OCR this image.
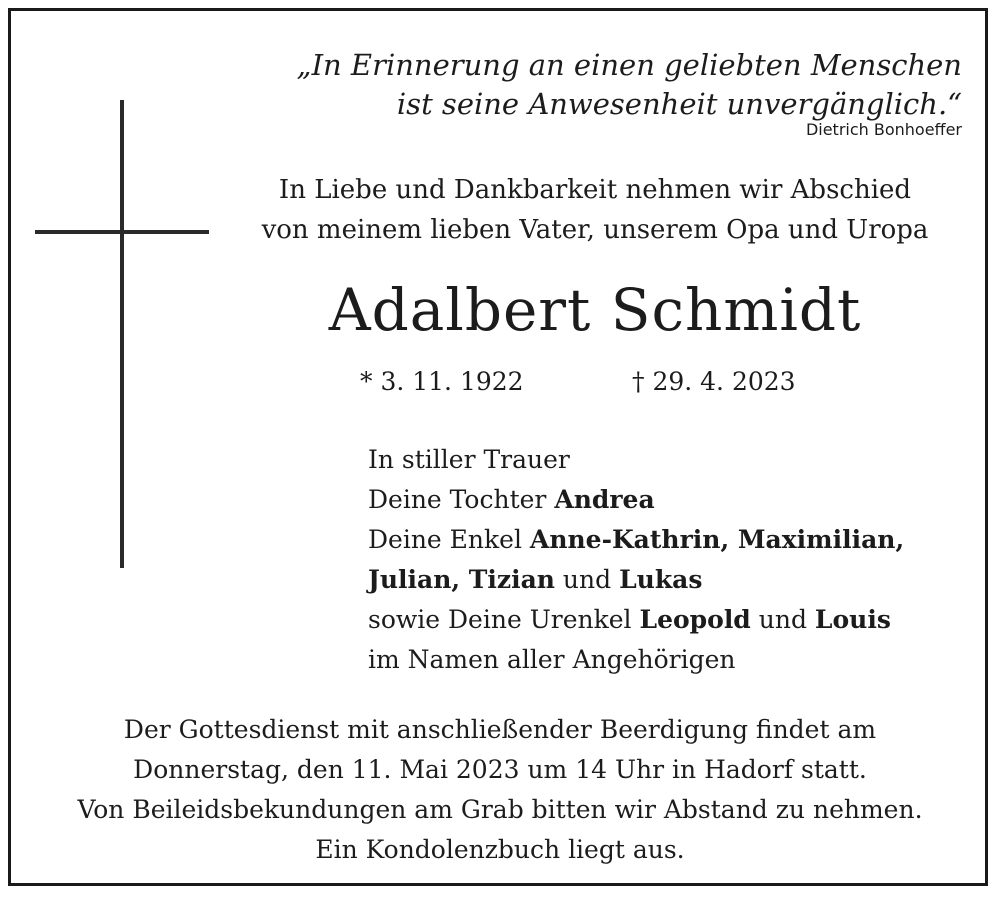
„In Erinnerung an einen geliebten Menschen
ist seine Anwesenheit unvergänglich.“
Dietrich Bonhoeffer
In Liebe und Dankbarkeit nehmen wir Abschied
von meinem lieben Vater, unserem Opa und Uropa
Adalbert Schmidt
* 3. 11. 1922	† 29. 4. 2023
In stiller Trauer
Deine Tochter Andrea
Deine Enkel Anne-Kathrin, Maximilian,
Julian, Tizian und Lukas
sowie Deine Urenkel Leopold und Louis
im Namen aller Angehörigen
Der Gottesdienst mit anschließender Beerdigung findet am
Donnerstag, den 11. Mai 2023 um 14 Uhr in Hadorf statt.
Von Beileidsbekundungen am Grab bitten wir Abstand zu nehmen.
Ein Kondolenzbuch liegt aus.
